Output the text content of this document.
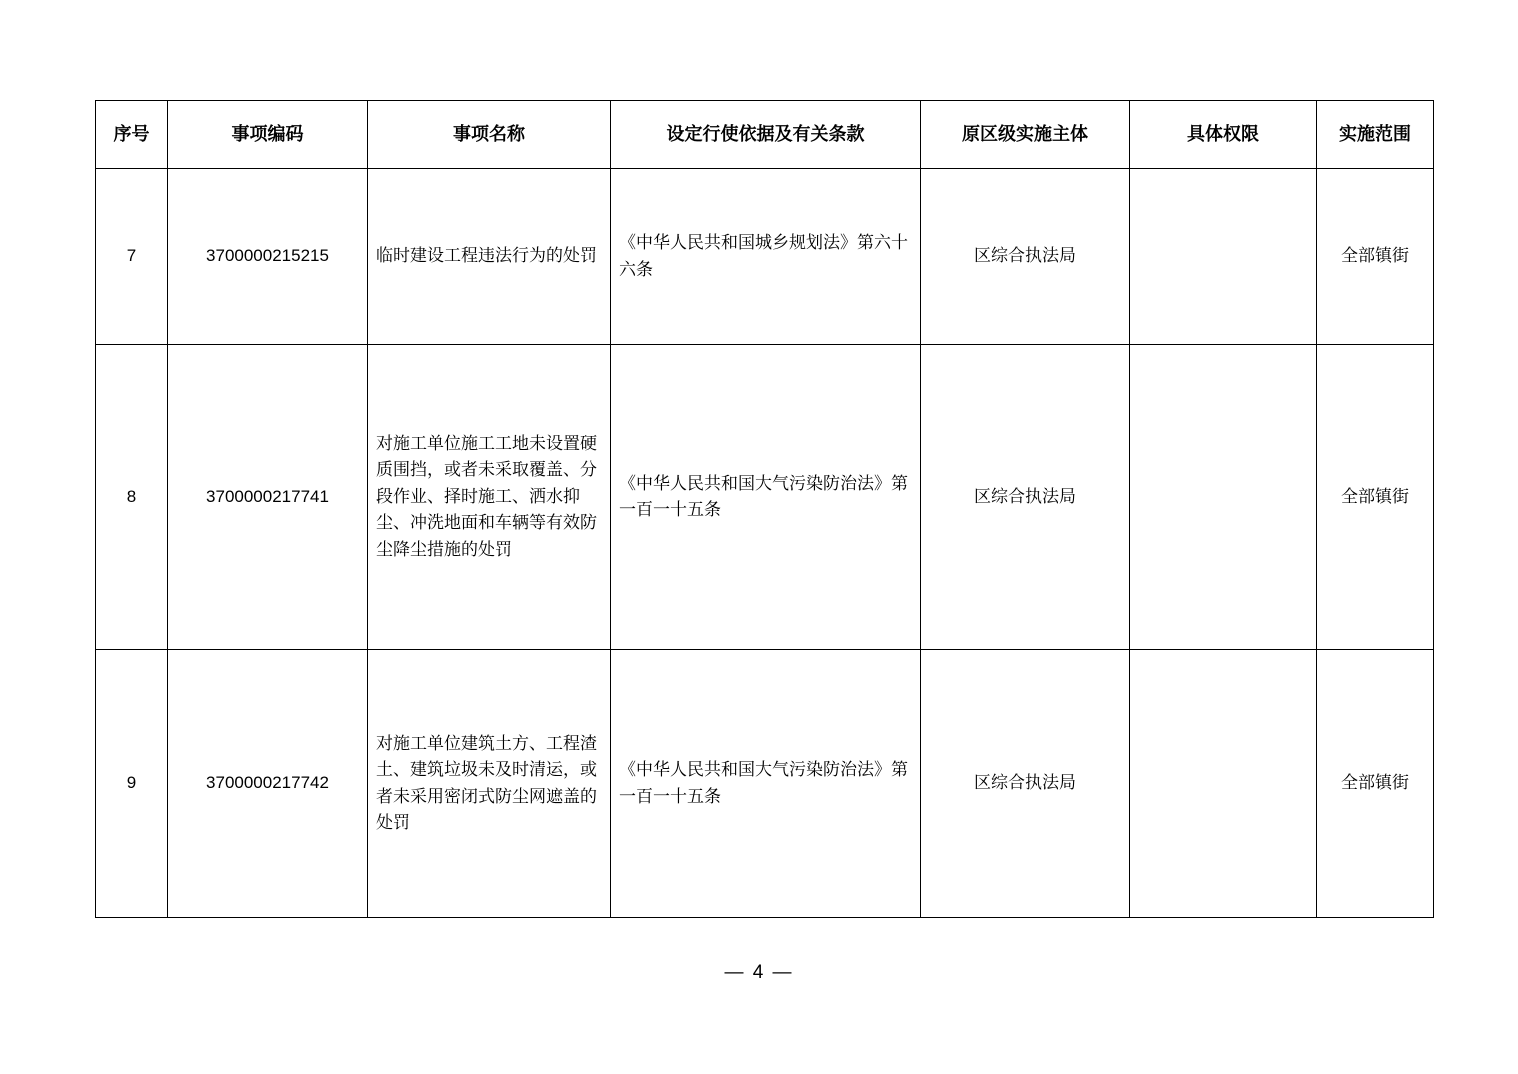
序号	事项编码	事项名称	设定行使依据及有关条款	原区级实施主体	具体权限	实施范围
7	3700000215215	临时建设工程违法行为的处罚	《中华人民共和国城乡规划法》第六十六条	区综合执法局		全部镇街
8	3700000217741	对施工单位施工工地未设置硬质围挡，或者未采取覆盖、分段作业、择时施工、洒水抑尘、冲洗地面和车辆等有效防尘降尘措施的处罚	《中华人民共和国大气污染防治法》第一百一十五条	区综合执法局		全部镇街
9	3700000217742	对施工单位建筑土方、工程渣土、建筑垃圾未及时清运，或者未采用密闭式防尘网遮盖的处罚	《中华人民共和国大气污染防治法》第一百一十五条	区综合执法局		全部镇街
— 4 —
